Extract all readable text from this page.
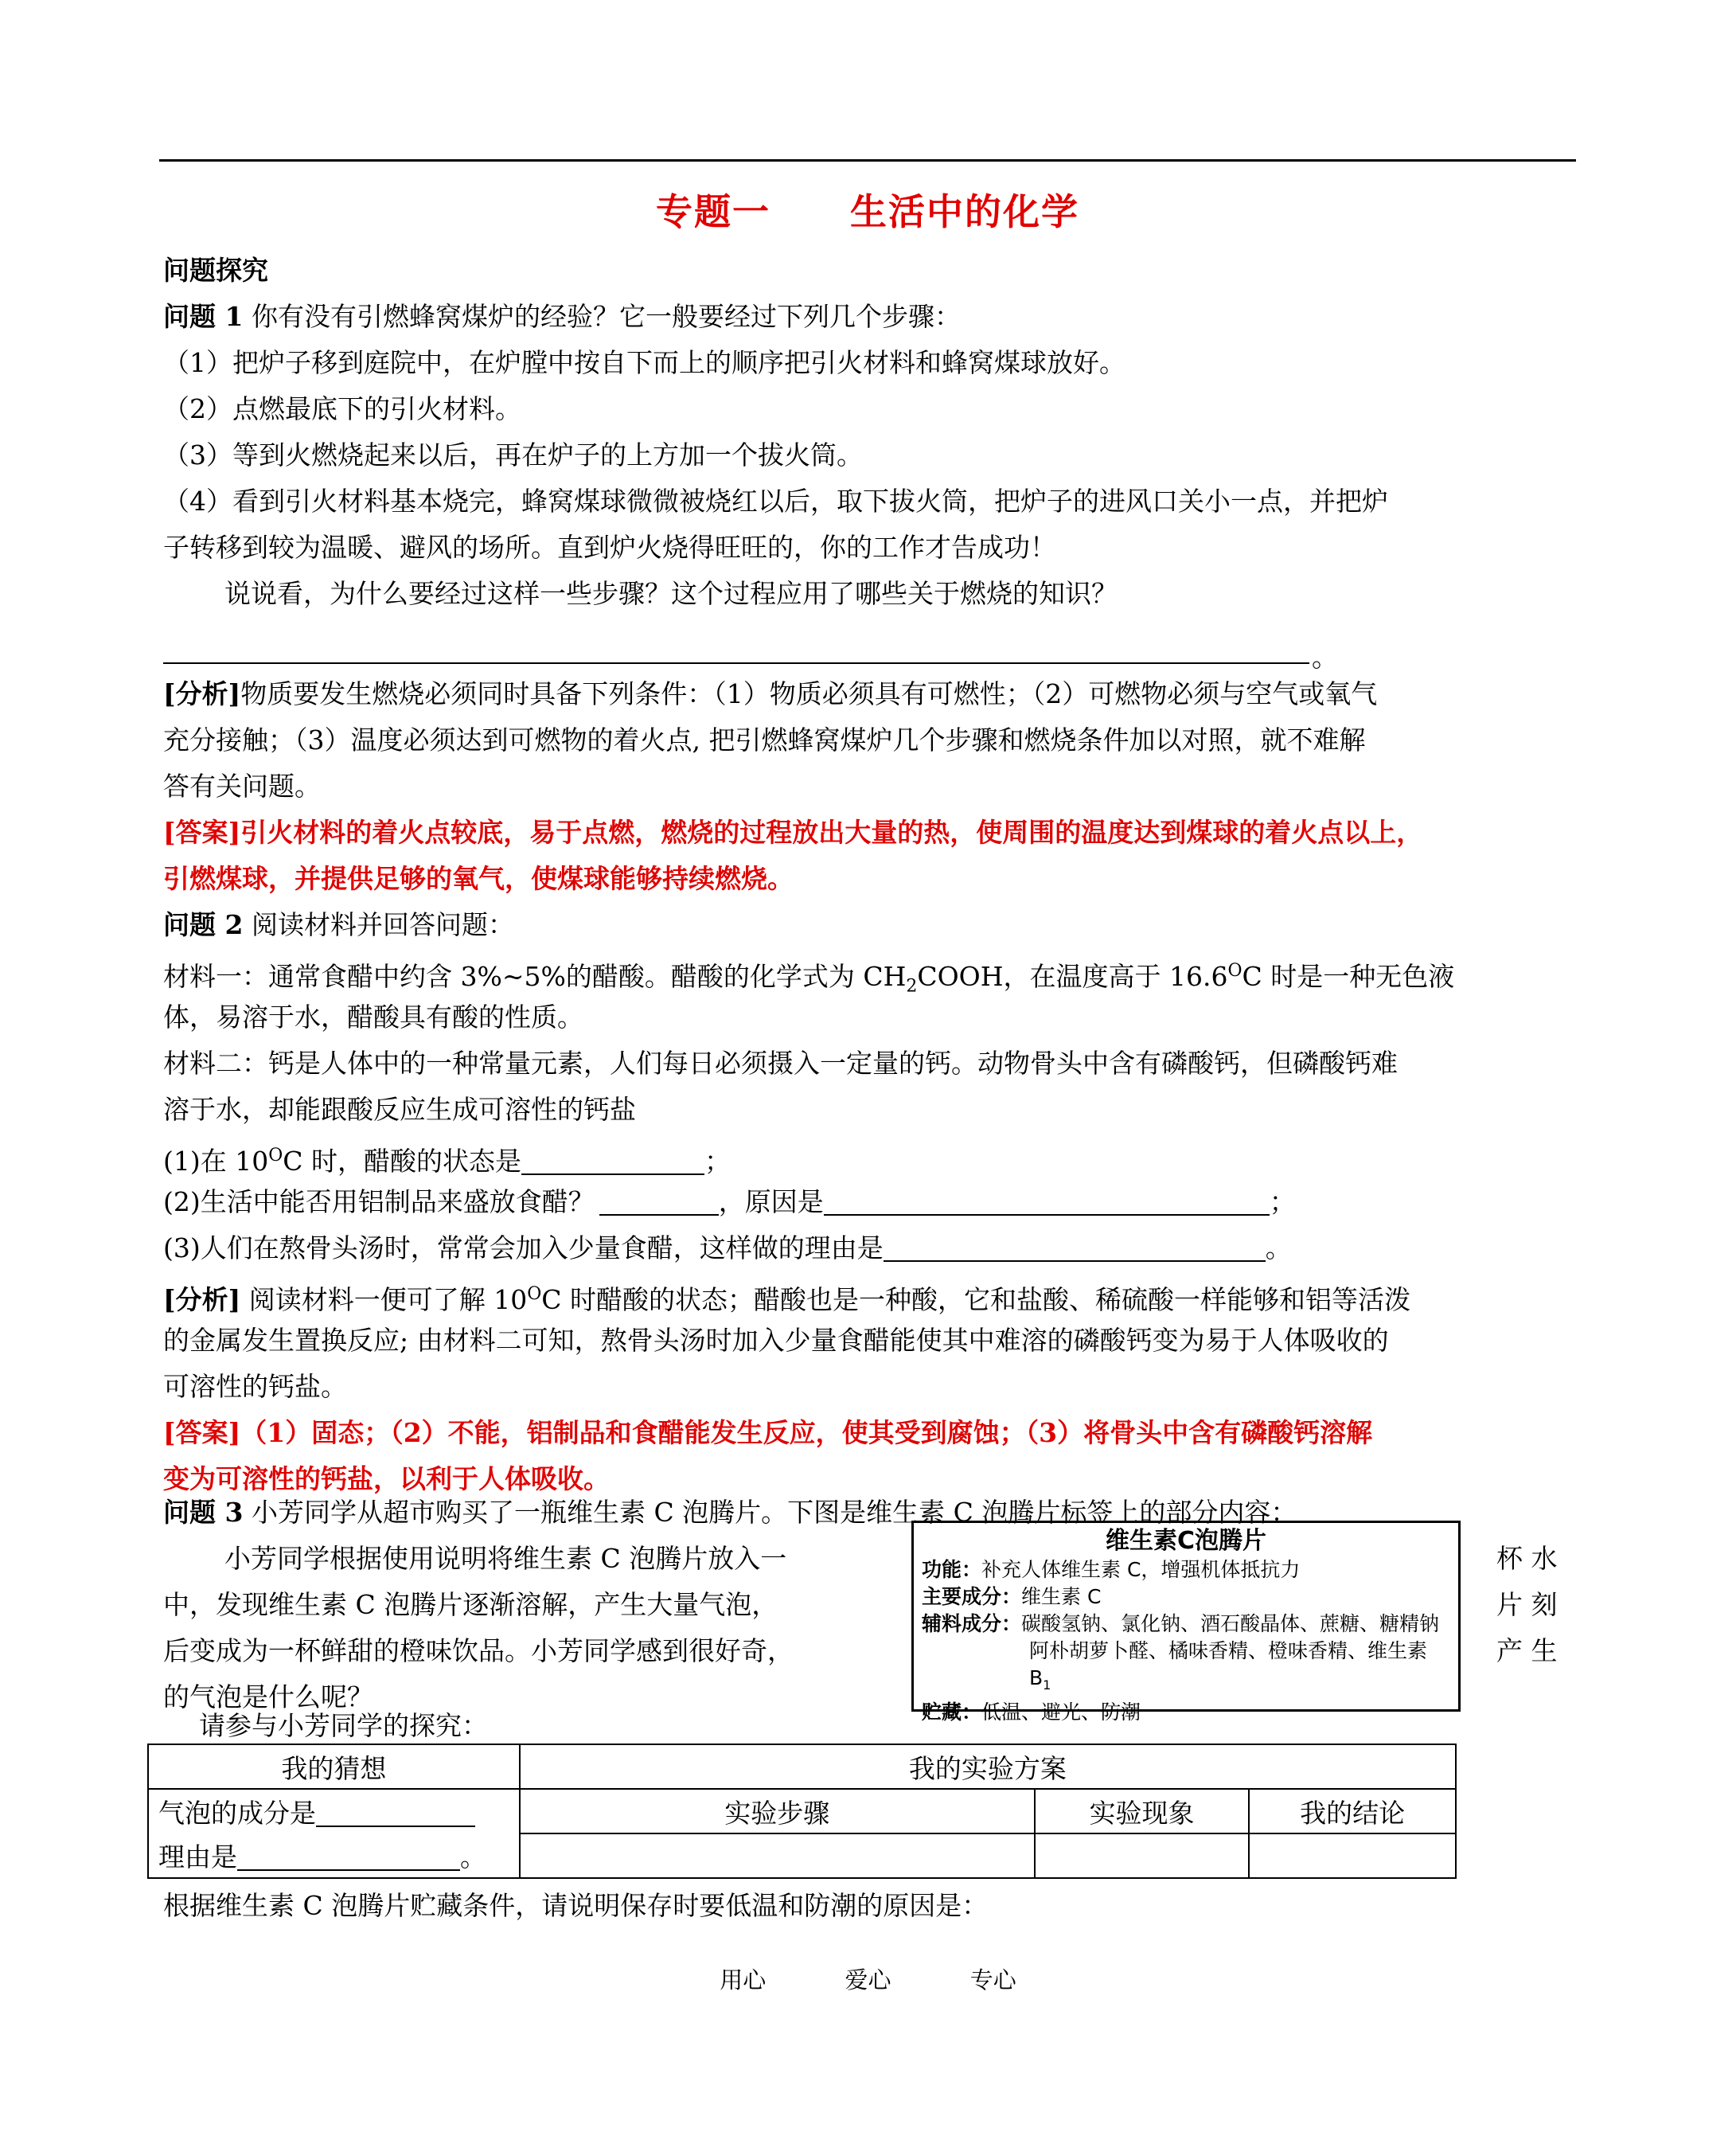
专题一 生活中的化学
问题探究
问题 1 你有没有引燃蜂窝煤炉的经验？它一般要经过下列几个步骤：
（1）把炉子移到庭院中，在炉膛中按自下而上的顺序把引火材料和蜂窝煤球放好。
（2）点燃最底下的引火材料。
（3）等到火燃烧起来以后，再在炉子的上方加一个拔火筒。
（4）看到引火材料基本烧完，蜂窝煤球微微被烧红以后，取下拔火筒，把炉子的进风口关小一点，并把炉
子转移到较为温暖、避风的场所。直到炉火烧得旺旺的，你的工作才告成功！
说说看，为什么要经过这样一些步骤？这个过程应用了哪些关于燃烧的知识？
。
[分析]物质要发生燃烧必须同时具备下列条件：（1）物质必须具有可燃性；（2）可燃物必须与空气或氧气
充分接触；（3）温度必须达到可燃物的着火点, 把引燃蜂窝煤炉几个步骤和燃烧条件加以对照，就不难解
答有关问题。
[答案]引火材料的着火点较底，易于点燃，燃烧的过程放出大量的热，使周围的温度达到煤球的着火点以上，
引燃煤球，并提供足够的氧气，使煤球能够持续燃烧。
问题 2 阅读材料并回答问题：
材料一：通常食醋中约含 3%~5%的醋酸。醋酸的化学式为 $CH_2COOH$，在温度高于 $16.6^OC$ 时是一种无色液
体，易溶于水，醋酸具有酸的性质。
材料二：钙是人体中的一种常量元素，人们每日必须摄入一定量的钙。动物骨头中含有磷酸钙，但磷酸钙难
溶于水，却能跟酸反应生成可溶性的钙盐
(1)在 $10^OC$ 时，醋酸的状态是	；
(2)生活中能否用铝制品来盛放食醋？	，原因是	；
(3)人们在熬骨头汤时，常常会加入少量食醋，这样做的理由是	。
[分析] 阅读材料一便可了解 $10^OC$ 时醋酸的状态；醋酸也是一种酸，它和盐酸、稀硫酸一样能够和铝等活泼
的金属发生置换反应; 由材料二可知，熬骨头汤时加入少量食醋能使其中难溶的磷酸钙变为易于人体吸收的
可溶性的钙盐。
[答案]（1）固态；（2）不能，铝制品和食醋能发生反应，使其受到腐蚀；（3）将骨头中含有磷酸钙溶解
变为可溶性的钙盐，以利于人体吸收。
问题 3 小芳同学从超市购买了一瓶维生素 C 泡腾片。下图是维生素 C 泡腾片标签上的部分内容：
小芳同学根据使用说明将维生素 C 泡腾片放入一
中，发现维生素 C 泡腾片逐渐溶解，产生大量气泡，
后变成为一杯鲜甜的橙味饮品。小芳同学感到很好奇，
的气泡是什么呢？
杯 水
片 刻
产 生
维生素C泡腾片
功能：补充人体维生素 C，增强机体抵抗力
主要成分：维生素 C
辅料成分：碳酸氢钠、氯化钠、酒石酸晶体、蔗糖、糖精钠
阿朴胡萝卜醛、橘味香精、橙味香精、维生素 $B_1$
贮藏：低温、避光、防潮
请参与小芳同学的探究：
我的猜想	我的实验方案		
气泡的成分是	实验步骤	实验现象	我的结论
理由是 。			
根据维生素 C 泡腾片贮藏条件，请说明保存时要低温和防潮的原因是：
用心	爱心	专心
